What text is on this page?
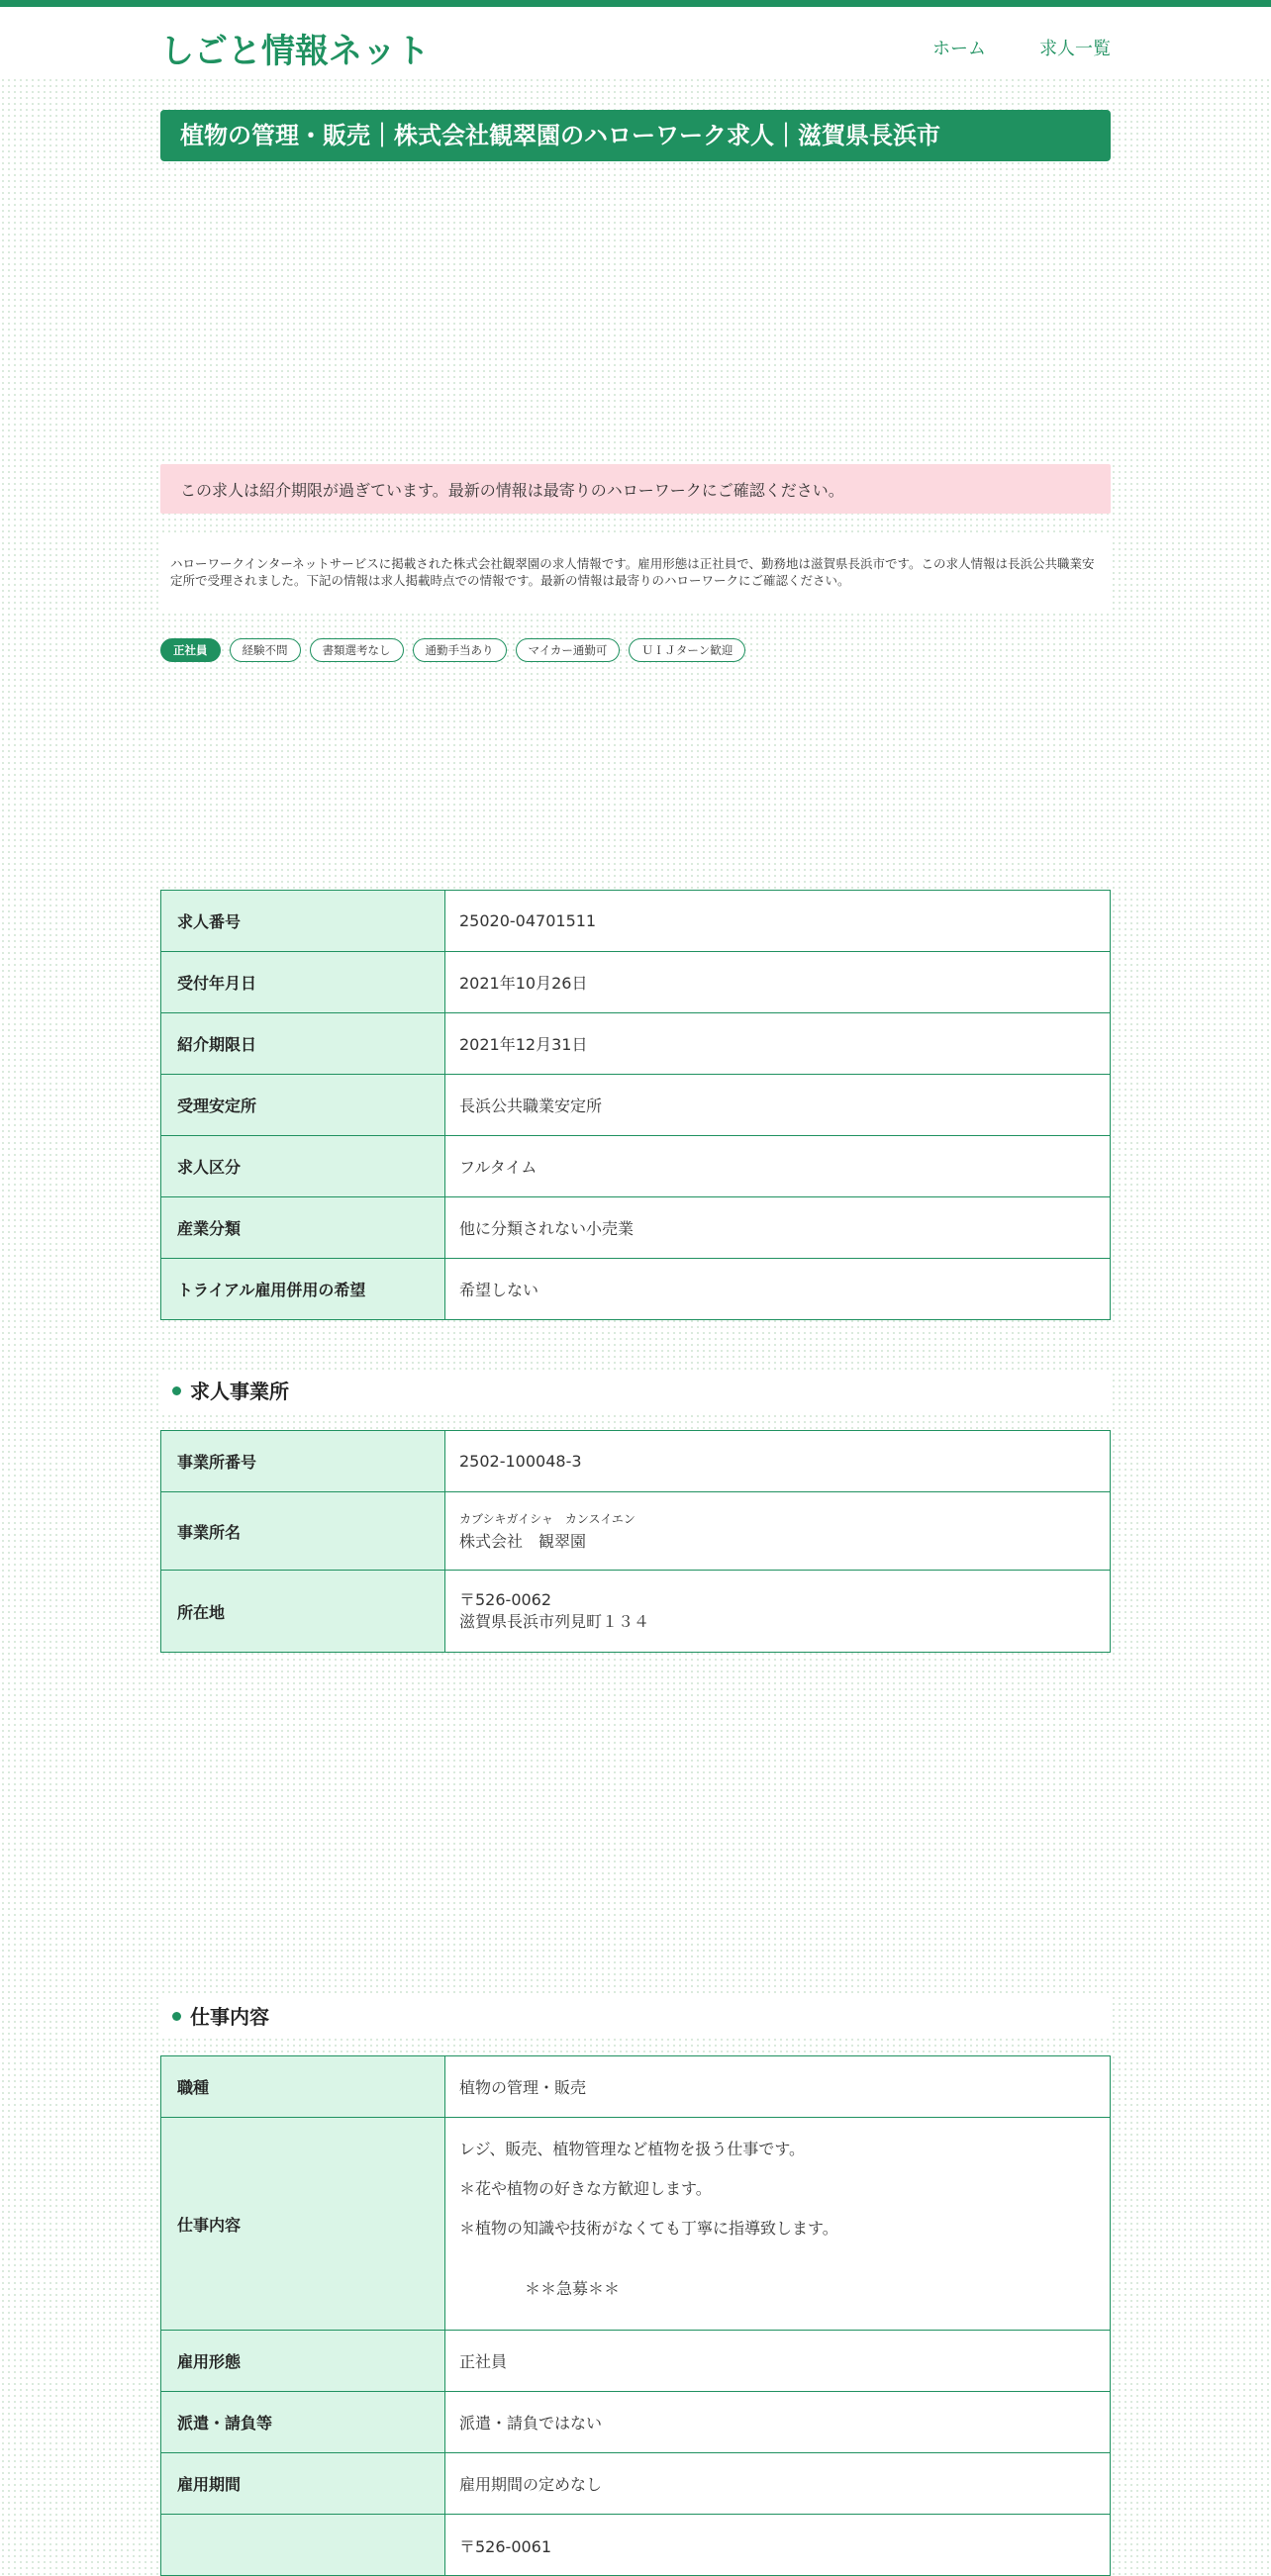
しごと情報ネット	ホーム	求人一覧
植物の管理・販売｜株式会社観翠園のハローワーク求人｜滋賀県長浜市
この求人は紹介期限が過ぎています。最新の情報は最寄りのハローワークにご確認ください。
ハローワークインターネットサービスに掲載された株式会社観翠園の求人情報です。雇用形態は正社員で、勤務地は滋賀県長浜市です。この求人情報は長浜公共職業安定所で受理されました。下記の情報は求人掲載時点での情報です。最新の情報は最寄りのハローワークにご確認ください。
正社員	経験不問	書類選考なし	通勤手当あり	マイカー通勤可	ＵＩＪターン歓迎
求人番号	25020-04701511
受付年月日	2021年10月26日
紹介期限日	2021年12月31日
受理安定所	長浜公共職業安定所
求人区分	フルタイム
産業分類	他に分類されない小売業
トライアル雇用併用の希望	希望しない
求人事業所
事業所番号	2502-100048-3
事業所名	カブシキガイシャ　カンスイエン
株式会社　観翠園
所在地	〒526-0062
滋賀県長浜市列見町１３４
仕事内容
職種	植物の管理・販売
仕事内容	レジ、販売、植物管理など植物を扱う仕事です。
＊花や植物の好きな方歓迎します。
＊植物の知識や技術がなくても丁寧に指導致します。
＊＊急募＊＊

雇用形態	正社員
派遣・請負等	派遣・請負ではない
雇用期間	雇用期間の定めなし
	〒526-0061
